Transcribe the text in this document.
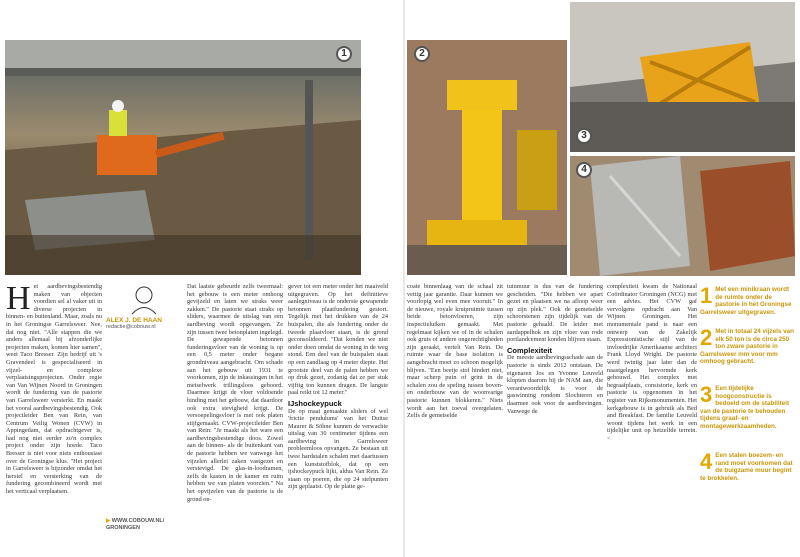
1	2
3
4
H et aardbevingsbestendig maken van objecten voordien sel al vaker uit in diverse projecten in binnen- en buitenland. Maar, zoals nu in het Groningse Garrelsweer. Nee, dat nog niet. "Alle stappen die we anders allemaal bij afzonderlijke projecten maken, komen hier samen", weet Taco Bresser. Zijn bedrijf uit 's Gravendeel is gespecialiseerd in vijzel- en complexe verplaatsingsprojecten. Onder regie van Van Wijnen Noord in Groningen wordt de fundering van de pastorie van Garrelsweer versterkt. En maakt het vooral aardbevingsbestendig. Ook projectleider Ben van Rein, van Centrum Veilig Wonen (CVW) in Appingedam, dat opdrachtgever is, had nog niet eerder zo'n complex project onder zijn hoede. Taco Bresser is niet voor niets enthousiast over de Groningse klus. "Het project in Garrelsweer is bijzonder omdat het herstel en versterking van de fundering gecombineerd wordt met het verticaal verplaatsen.

ALEX J. DE HAAN
redactie@cobouw.nl
▶ WWW.COBOUW.NL/
GRONINGEN

Dat laatste gebeurde zelfs tweemaal: het gebouw is een meter omhoog gevijzeld en laten we straks weer zakken." De pastorie staat straks op sliders, waarmee de uitslag van een aardbeving wordt opgevangen. Ze zijn tussen twee betonplaten ingelegd. De gewapende betonnen funderingsvloer van de woning is op een 0,5 meter onder begane grondniveau aangebracht. Om schade aan het gebouw uit 1931 te voorkomen, zijn de inkassingen in het metselwerk trillingsloos geboord. Daarmee krijgt de vloer voldoende binding met het gebouw, dat daardoor ook extra stevigheid krijgt. De versoepelingsvloer is met ook platen stijfgemaakt. CVW-projectleider Ben van Rein: "Je maakt als het ware een aardbevingsbestendige doos. Zowel aan de binnen- als de buitenkant van de pastorie hebben we vanwege het vijzelen allerlei zaken vastgezet en verstevigd. De glas-in-loodramen, zelfs de kasten in de kamer en ruim hebben we van platen voorzien." Na het opvijzelen van de pastorie is de grond on-

gever tot een meter onder het maaiveld uitgegraven. Op het definitieve aanlegniveau is de onderste gewapende betonnen plaatfundering gestort. Tegelijk met het drukken van de 24 buispalen, die als fundering onder de tweede plaatvloer staan, is de grond geconsolideerd. "Dat konden we niet onder doen omdat de woning in de weg stond. Een deel van de buispalen staat op een zandlaag op 4 meter diepte. Het grootste deel van de palen hebben we op druk gezet, zodanig dat ze per stuk vijftig ton kunnen dragen. De langste paal reikt tot 12 meter."

IJshockeypuck

De op maat gemaakte sliders of wel 'frictie pendulums' van het Duitse Maurer & Söhne kunnen de verwachte uitslag van 30 centimeter tijdens een aardbeving in Garrelsweer probleemloos opvangen. Ze bestaan uit twee hardstalen schalen met daartussen een kunststofblok, dat op een ijshockeypuck lijkt, aldus Van Rein. Ze staan op poeren, die op 24 stelpunten zijn geplaatst. Op de platte ge-

coate binnenlaag van de schaal zit vettig jaar garantie. Daar kunnen we voorlopig wel even mee vooruit." In de nieuwe, royale kruipruimte tussen beide betonvloeren, zijn inspectieluiken gemaakt. Met regelmaat kijken we of in de schalen ook gruis of andere ongerechtigheden zijn geraakt, vertelt Van Rein. De ruimte waar de base isolation is aangebracht moet zo schoon mogelijk blijven. "Een beetje stof hindert niet, maar scherp puin of grint in de schalen zou de speling tussen boven- en onderbouw van de woonvarige pastorie kunnen blokkeren." Niets wordt aan het toeval overgelaten. Zelfs de gemetselde

tuinmuur is dus van de fundering gescheiden. "Die hebben we apart gezet en plaatsen we na afloop weer op zijn plek." Ook de gemetselde schoorstenen zijn tijdelijk van de pastorie gehaald. De leider met aardappelhok en zijn vloer van rode portlandcement konden blijven staan.

Complexiteit

De meeste aardbevingsschade aan de pastorie is sinds 2012 ontstaan. De eigenaren Jos en Yvonne Leuveld klopten daarom bij de NAM aan, die verantwoordelijk is voor de gaswinning rondom Slochteren en daarmee ook voor de aardbevingen. Vanwege de

complexiteit kwam de Nationaal Coördinator Groningen (NCG) met een advies. Het CVW gaf vervolgens opdracht aan Van Wijnen Groningen. Het monumentale pand is naar een ontwerp van de Zakelijk Expressionistische stijl van de invloedrijke Amerikaanse architect Frank Lloyd Wright. De pastorie werd twintig jaar later dan de naastgelegen hervormde kerk gebouwd. Het complex met begraafplaats, consistorie, kerk en pastorie is opgenomen in het register van Rijksmonumenten. Het kerkgebouw is in gebruik als Bed and Breakfast. De familie Leuveld woont tijdens het werk in een tijdelijke unit op hetzelfde terrein. <

1 Met een minikraan wordt de ruimte onder de pastorie in het Groningse Garrelsweer uitgegraven.
2 Met in totaal 24 vijzels van elk 50 ton is de circa 250 ton zware pastorie in Garrelsweer mm voor mm omhoog gebracht.
3 Een tijdelijke hoogconstructie is bedoeld om de stabiliteit van de pastorie te behouden tijdens graaf- en montagewerkzaamheden.
4 Een stalen boezem- en rand moet voorkomen dat de buigzame muur begint te brokkelen.
